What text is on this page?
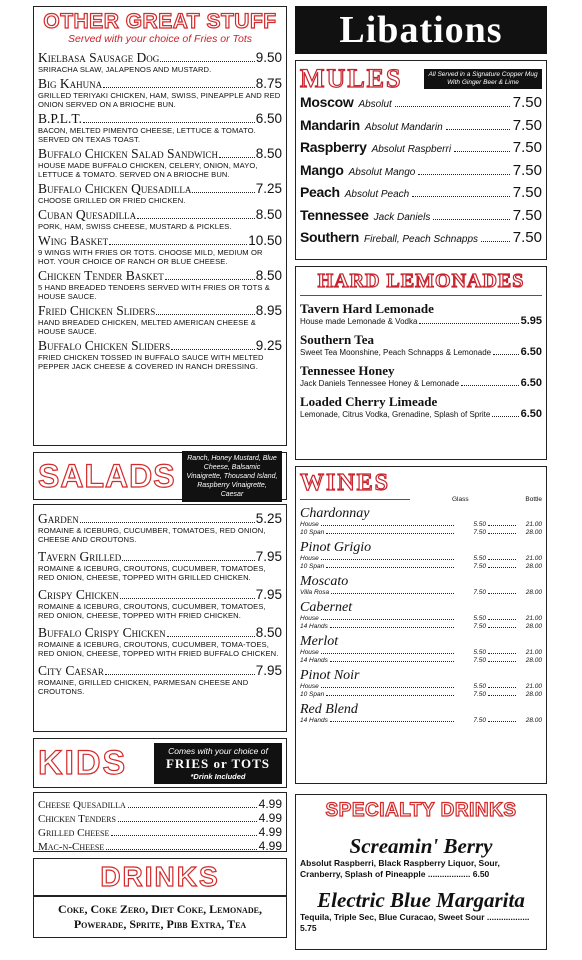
OTHER GREAT STUFF
Served with your choice of Fries or Tots
Kielbasa Sausage Dog	9.50
SRIRACHA SLAW, JALAPENOS AND MUSTARD.
Big Kahuna	8.75
GRILLED TERIYAKI CHICKEN, HAM, SWISS, PINEAPPLE AND RED ONION SERVED ON A BRIOCHE BUN.
B.P.L.T.	6.50
BACON, MELTED PIMENTO CHEESE, LETTUCE & TOMATO. SERVED ON TEXAS TOAST.
Buffalo Chicken Salad Sandwich	8.50
HOUSE MADE BUFFALO CHICKEN, CELERY, ONION, MAYO, LETTUCE & TOMATO. SERVED ON A BRIOCHE BUN.
Buffalo Chicken Quesadilla	7.25
CHOOSE GRILLED OR FRIED CHICKEN.
Cuban Quesadilla	8.50
PORK, HAM, SWISS CHEESE, MUSTARD & PICKLES.
Wing Basket	10.50
9 WINGS WITH FRIES OR TOTS. CHOOSE MILD, MEDIUM OR HOT. YOUR CHOICE OF RANCH OR BLUE CHEESE.
Chicken Tender Basket	8.50
5 HAND BREADED TENDERS SERVED WITH FRIES OR TOTS & HOUSE SAUCE.
Fried Chicken Sliders	8.95
HAND BREADED CHICKEN, MELTED AMERICAN CHEESE & HOUSE SAUCE.
Buffalo Chicken Sliders	9.25
FRIED CHICKEN TOSSED IN BUFFALO SAUCE WITH MELTED PEPPER JACK CHEESE & COVERED IN RANCH DRESSING.
SALADS	Ranch, Honey Mustard, Blue Cheese, Balsamic Vinaigrette, Thousand Island, Raspberry Vinaigrette, Caesar
Garden	5.25
ROMAINE & ICEBURG, CUCUMBER, TOMATOES, RED ONION, CHEESE AND CROUTONS.
Tavern Grilled	7.95
ROMAINE & ICEBURG, CROUTONS, CUCUMBER, TOMATOES, RED ONION, CHEESE, TOPPED WITH GRILLED CHICKEN.
Crispy Chicken	7.95
ROMAINE & ICEBURG, CROUTONS, CUCUMBER, TOMATOES, RED ONION, CHEESE, TOPPED WITH FRIED CHICKEN.
Buffalo Crispy Chicken	8.50
ROMAINE & ICEBURG, CROUTONS, CUCUMBER, TOMA-TOES, RED ONION, CHEESE, TOPPED WITH FRIED BUFFALO CHICKEN.
City Caesar	7.95
ROMAINE, GRILLED CHICKEN, PARMESAN CHEESE AND CROUTONS.
KIDS	Comes with your choice of
FRIES or TOTS
*Drink Included
Cheese Quesadilla	4.99
Chicken Tenders	4.99
Grilled Cheese	4.99
Mac-n-Cheese	4.99
DRINKS
Coke, Coke Zero, Diet Coke, Lemonade, Powerade, Sprite, Pibb Extra, Tea
Libations
MULES	All Served in a Signature Copper Mug With Ginger Beer & Lime
Moscow Absolut	7.50
Mandarin Absolut Mandarin	7.50
Raspberry Absolut Raspberri	7.50
Mango Absolut Mango	7.50
Peach Absolut Peach	7.50
Tennessee Jack Daniels	7.50
Southern Fireball, Peach Schnapps 7.50
HARD LEMONADES
Tavern Hard Lemonade
House made Lemonade & Vodka	5.95
Southern Tea
Sweet Tea Moonshine, Peach Schnapps & Lemonade	6.50
Tennessee Honey
Jack Daniels Tennessee Honey & Lemonade	6.50
Loaded Cherry Limeade
Lemonade, Citrus Vodka, Grenadine, Splash of Sprite	6.50
WINES
Glass	Bottle
Chardonnay
House	5.50	21.00
10 Span	7.50	28.00
Pinot Grigio
House	5.50	21.00
10 Span	7.50	28.00
Moscato
Villa Rosa	7.50	28.00
Cabernet
House	5.50	21.00
14 Hands	7.50	28.00
Merlot
House	5.50	21.00
14 Hands	7.50	28.00
Pinot Noir
House	5.50	21.00
10 Span	7.50	28.00
Red Blend
14 Hands	7.50	28.00
SPECIALTY DRINKS
Screamin' Berry
Absolut Raspberri, Black Raspberry Liquor, Sour, Cranberry, Splash of Pineapple .................. 6.50
Electric Blue Margarita
Tequila, Triple Sec, Blue Curacao, Sweet Sour .................. 5.75
